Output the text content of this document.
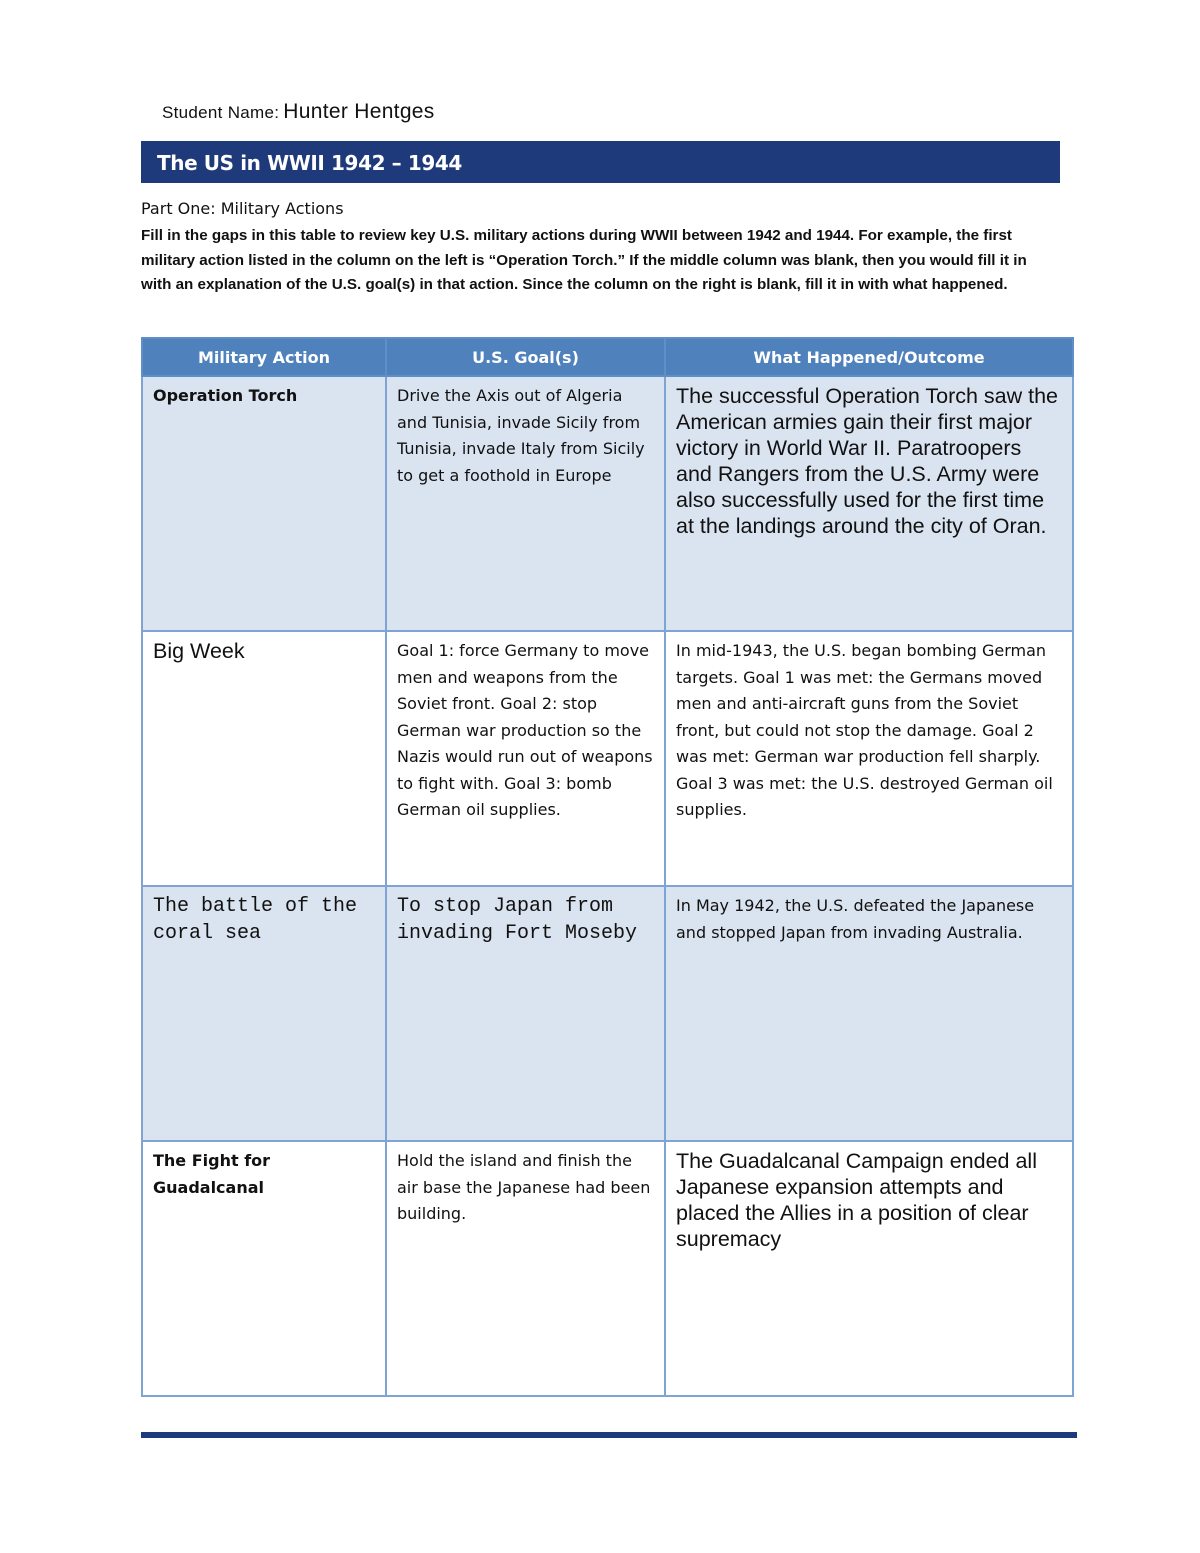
Student Name: Hunter Hentges
The US in WWII 1942 – 1944
Part One: Military Actions
Fill in the gaps in this table to review key U.S. military actions during WWII between 1942 and 1944. For example, the first military action listed in the column on the left is “Operation Torch.” If the middle column was blank, then you would fill it in with an explanation of the U.S. goal(s) in that action. Since the column on the right is blank, fill it in with what happened.
Military Action	U.S. Goal(s)	What Happened/Outcome

Operation Torch	Drive the Axis out of Algeria and Tunisia, invade Sicily from Tunisia, invade Italy from Sicily to get a foothold in Europe	The successful Operation Torch saw the American armies gain their first major victory in World War II. Paratroopers and Rangers from the U.S. Army were also successfully used for the first time at the landings around the city of Oran.

Big Week	Goal 1: force Germany to move men and weapons from the Soviet front. Goal 2: stop German war production so the Nazis would run out of weapons to fight with. Goal 3: bomb German oil supplies.	In mid-1943, the U.S. began bombing German targets. Goal 1 was met: the Germans moved men and anti-aircraft guns from the Soviet front, but could not stop the damage. Goal 2 was met: German war production fell sharply. Goal 3 was met: the U.S. destroyed German oil supplies.

The battle of the coral sea	To stop Japan from invading Fort Moseby	In May 1942, the U.S. defeated the Japanese and stopped Japan from invading Australia.

The Fight for Guadalcanal	Hold the island and finish the air base the Japanese had been building.	The Guadalcanal Campaign ended all Japanese expansion attempts and placed the Allies in a position of clear supremacy
